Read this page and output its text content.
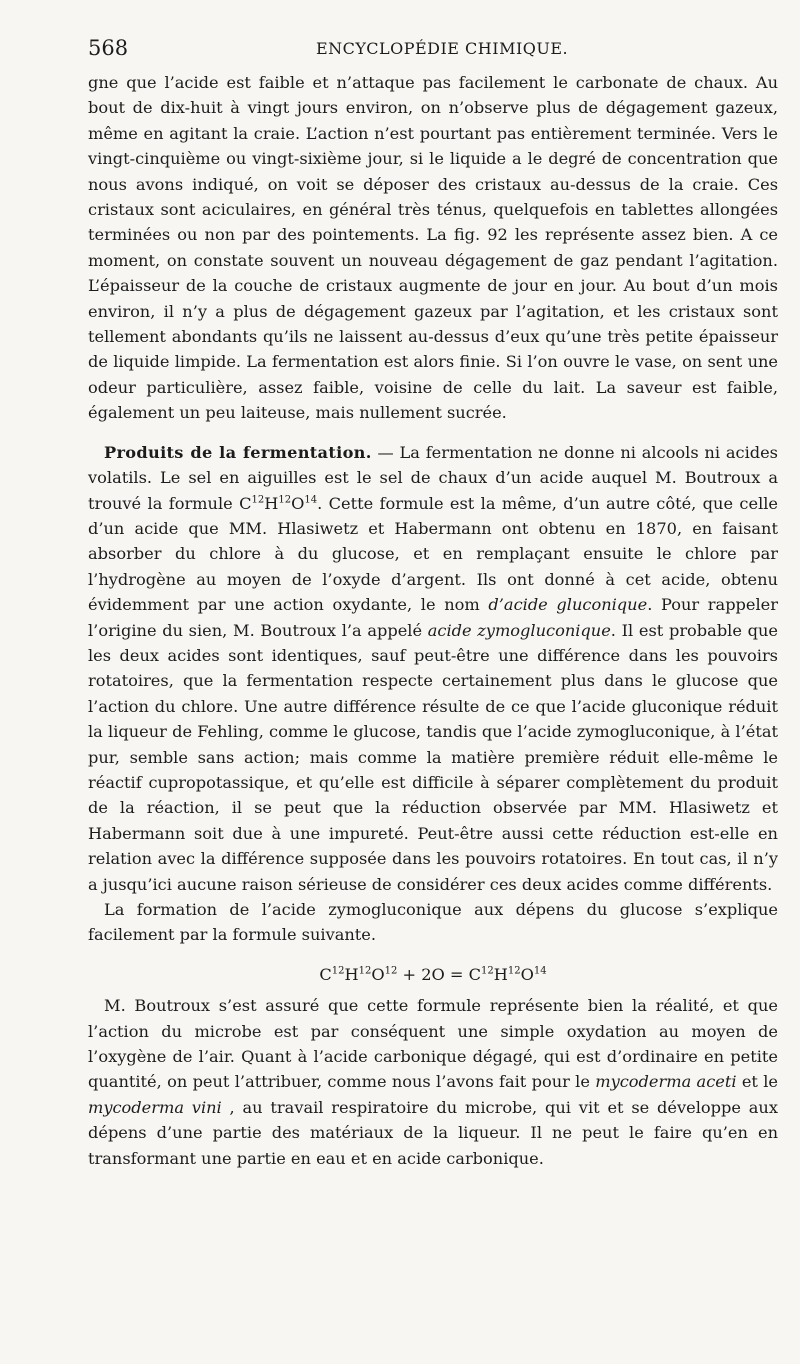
568	ENCYCLOPÉDIE CHIMIQUE.

gne que l’acide est faible et n’attaque pas facilement le carbonate de chaux. Au bout de dix-huit à vingt jours environ, on n’observe plus de dégagement gazeux, même en agitant la craie. L’action n’est pourtant pas entièrement terminée. Vers le vingt-cinquième ou vingt-sixième jour, si le liquide a le degré de concentration que nous avons indiqué, on voit se déposer des cristaux au-dessus de la craie. Ces cristaux sont aciculaires, en général très ténus, quelquefois en tablettes allongées terminées ou non par des pointements. La fig. 92 les représente assez bien. A ce moment, on constate souvent un nouveau dégagement de gaz pendant l’agitation. L’épaisseur de la couche de cristaux augmente de jour en jour. Au bout d’un mois environ, il n’y a plus de dégagement gazeux par l’agitation, et les cristaux sont tellement abondants qu’ils ne laissent au-dessus d’eux qu’une très petite épaisseur de liquide limpide. La fermentation est alors finie. Si l’on ouvre le vase, on sent une odeur particulière, assez faible, voisine de celle du lait. La saveur est faible, également un peu laiteuse, mais nullement sucrée.

Produits de la fermentation. — La fermentation ne donne ni alcools ni acides volatils. Le sel en aiguilles est le sel de chaux d’un acide auquel M. Boutroux a trouvé la formule $C^{12}H^{12}O^{14}$. Cette formule est la même, d’un autre côté, que celle d’un acide que MM. Hlasiwetz et Habermann ont obtenu en 1870, en faisant absorber du chlore à du glucose, et en remplaçant ensuite le chlore par l’hydrogène au moyen de l’oxyde d’argent. Ils ont donné à cet acide, obtenu évidemment par une action oxydante, le nom d’acide gluconique. Pour rappeler l’origine du sien, M. Boutroux l’a appelé acide zymogluconique. Il est probable que les deux acides sont identiques, sauf peut-être une différence dans les pouvoirs rotatoires, que la fermentation respecte certainement plus dans le glucose que l’action du chlore. Une autre différence résulte de ce que l’acide gluconique réduit la liqueur de Fehling, comme le glucose, tandis que l’acide zymogluconique, à l’état pur, semble sans action; mais comme la matière première réduit elle-même le réactif cupropotassique, et qu’elle est difficile à séparer complètement du produit de la réaction, il se peut que la réduction observée par MM. Hlasiwetz et Habermann soit due à une impureté. Peut-être aussi cette réduction est-elle en relation avec la différence supposée dans les pouvoirs rotatoires. En tout cas, il n’y a jusqu’ici aucune raison sérieuse de considérer ces deux acides comme différents.

La formation de l’acide zymogluconique aux dépens du glucose s’explique facilement par la formule suivante.

$C^{12}H^{12}O^{12} + 2O = C^{12}H^{12}O^{14}$

M. Boutroux s’est assuré que cette formule représente bien la réalité, et que l’action du microbe est par conséquent une simple oxydation au moyen de l’oxygène de l’air. Quant à l’acide carbonique dégagé, qui est d’ordinaire en petite quantité, on peut l’attribuer, comme nous l’avons fait pour le mycoderma aceti et le mycoderma vini , au travail respiratoire du microbe, qui vit et se développe aux dépens d’une partie des matériaux de la liqueur. Il ne peut le faire qu’en en transformant une partie en eau et en acide carbonique.
